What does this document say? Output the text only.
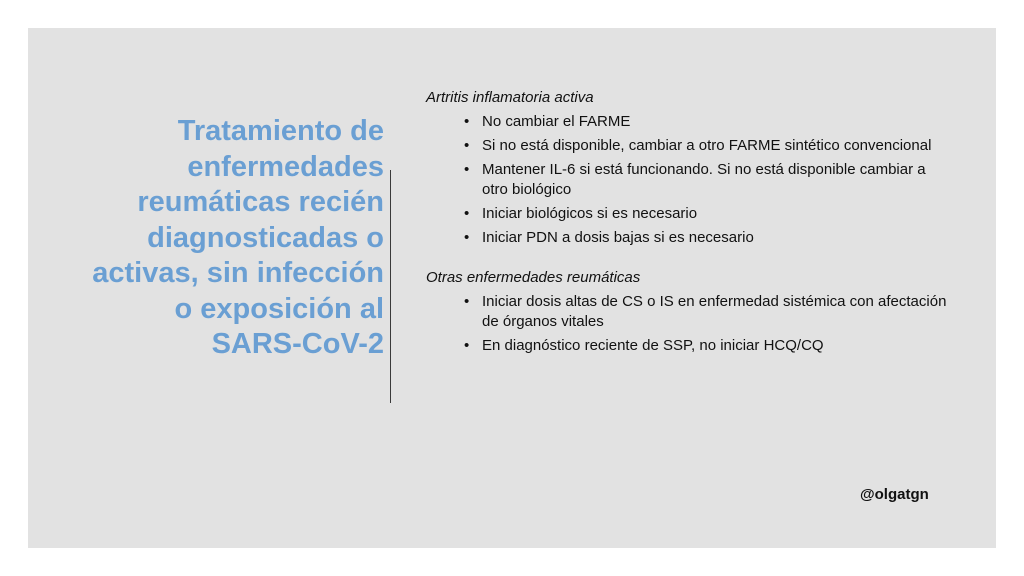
Tratamiento de enfermedades reumáticas recién diagnosticadas o activas, sin infección o exposición al SARS-CoV-2

Artritis inflamatoria activa

• No cambiar el FARME
• Si no está disponible, cambiar a otro FARME sintético convencional
• Mantener IL-6 si está funcionando. Si no está disponible cambiar a otro biológico
• Iniciar biológicos si es necesario
• Iniciar PDN a dosis bajas si es necesario

Otras enfermedades reumáticas

• Iniciar dosis altas de CS o IS en enfermedad sistémica con afectación de órganos vitales
• En diagnóstico reciente de SSP, no iniciar HCQ/CQ
@olgatgn
